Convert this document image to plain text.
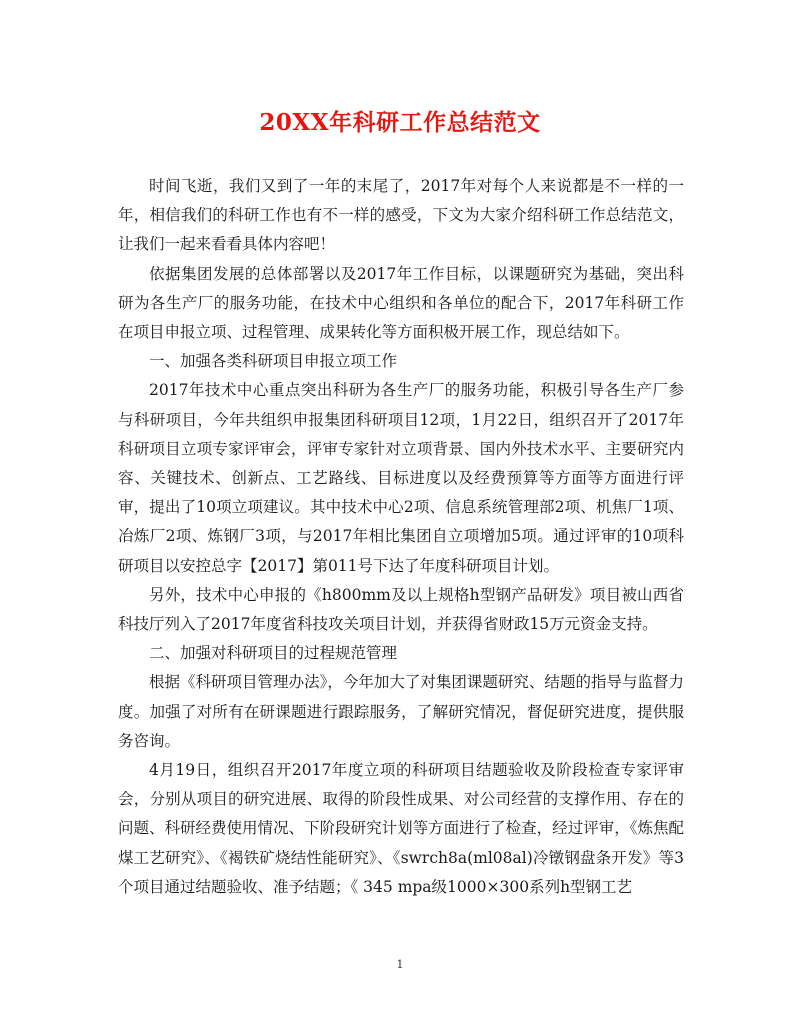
20XX年科研工作总结范文

时间飞逝，我们又到了一年的末尾了，2017年对每个人来说都是不一样的一年，相信我们的科研工作也有不一样的感受，下文为大家介绍科研工作总结范文，让我们一起来看看具体内容吧！

依据集团发展的总体部署以及2017年工作目标，以课题研究为基础，突出科研为各生产厂的服务功能，在技术中心组织和各单位的配合下，2017年科研工作在项目申报立项、过程管理、成果转化等方面积极开展工作，现总结如下。

一、加强各类科研项目申报立项工作

2017年技术中心重点突出科研为各生产厂的服务功能，积极引导各生产厂参与科研项目，今年共组织申报集团科研项目12项，1月22日，组织召开了2017年科研项目立项专家评审会，评审专家针对立项背景、国内外技术水平、主要研究内容、关键技术、创新点、工艺路线、目标进度以及经费预算等方面等方面进行评审，提出了10项立项建议。其中技术中心2项、信息系统管理部2项、机焦厂1项、冶炼厂2项、炼钢厂3项，与2017年相比集团自立项增加5项。通过评审的10项科研项目以安控总字【2017】第011号下达了年度科研项目计划。

另外，技术中心申报的《h800mm及以上规格h型钢产品研发》项目被山西省科技厅列入了2017年度省科技攻关项目计划，并获得省财政15万元资金支持。

二、加强对科研项目的过程规范管理

根据《科研项目管理办法》，今年加大了对集团课题研究、结题的指导与监督力度。加强了对所有在研课题进行跟踪服务，了解研究情况，督促研究进度，提供服务咨询。

4月19日，组织召开2017年度立项的科研项目结题验收及阶段检查专家评审会，分别从项目的研究进展、取得的阶段性成果、对公司经营的支撑作用、存在的问题、科研经费使用情况、下阶段研究计划等方面进行了检查，经过评审，《炼焦配煤工艺研究》、《褐铁矿烧结性能研究》、《swrch8a(ml08al)冷镦钢盘条开发》等3个项目通过结题验收、准予结题；《 345 mpa级1000×300系列h型钢工艺

1
